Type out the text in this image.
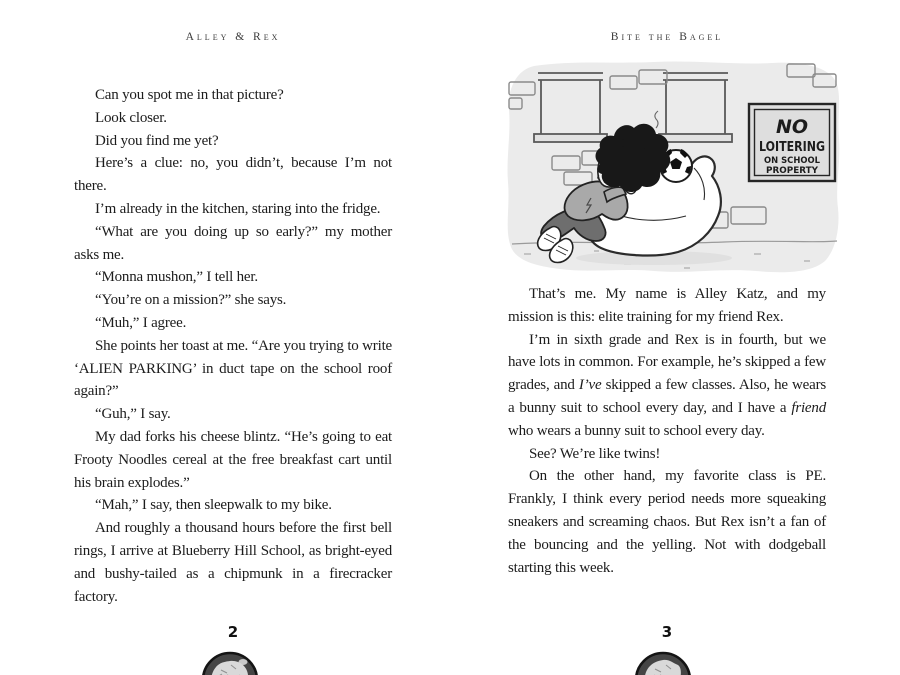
Alley & Rex

Can you spot me in that picture?

Look closer.

Did you find me yet?

Here’s a clue: no, you didn’t, because I’m not there.

I’m already in the kitchen, staring into the fridge.

“What are you doing up so early?” my mother asks me.

“Monna mushon,” I tell her.

“You’re on a mission?” she says.

“Muh,” I agree.

She points her toast at me. “Are you trying to write ‘ALIEN PARKING’ in duct tape on the school roof again?”

“Guh,” I say.

My dad forks his cheese blintz. “He’s going to eat Frooty Noodles cereal at the free breakfast cart until his brain explodes.”

“Mah,” I say, then sleepwalk to my bike.

And roughly a thousand hours before the first bell rings, I arrive at Blueberry Hill School, as bright-eyed and bushy-tailed as a chipmunk in a firecracker factory.

2
Bite the Bagel
NO
LOITERING
ON SCHOOL
PROPERTY

That’s me. My name is Alley Katz, and my mission is this: elite training for my friend Rex.

I’m in sixth grade and Rex is in fourth, but we have lots in common. For example, he’s skipped a few grades, and I’ve skipped a few classes. Also, he wears a bunny suit to school every day, and I have a friend who wears a bunny suit to school every day.

See? We’re like twins!

On the other hand, my favorite class is PE. Frankly, I think every period needs more squeaking sneakers and screaming chaos. But Rex isn’t a fan of the bouncing and the yelling. Not with dodgeball starting this week.

3
